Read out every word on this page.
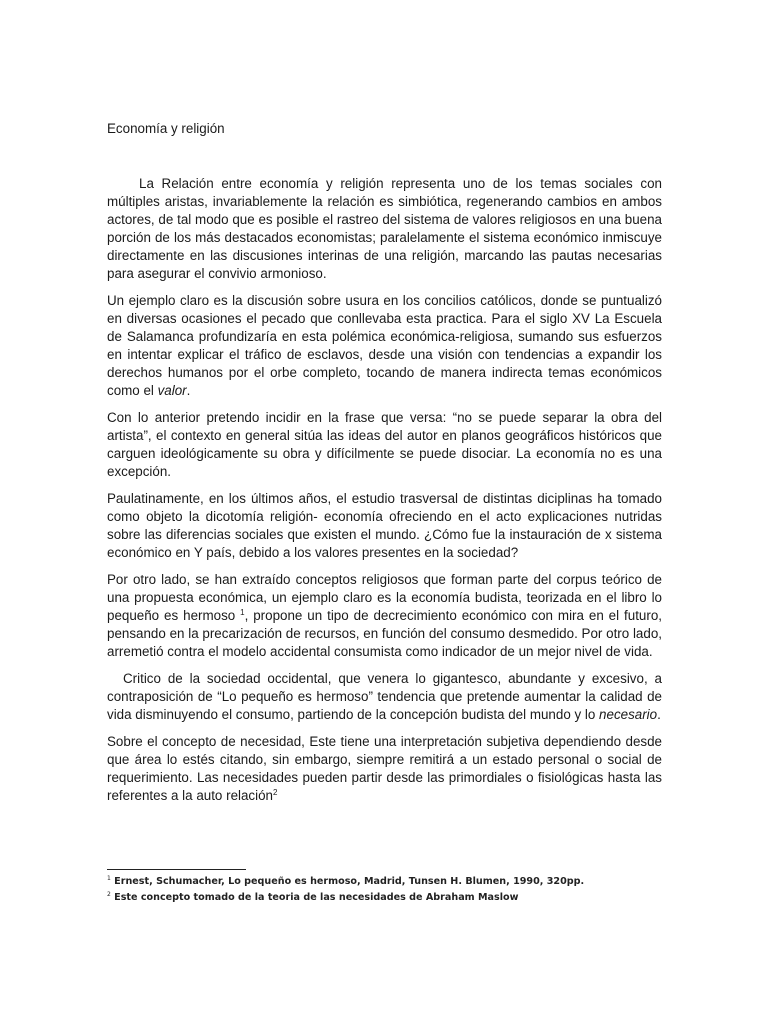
Economía y religión

La Relación entre economía y religión representa uno de los temas sociales con múltiples aristas, invariablemente la relación es simbiótica, regenerando cambios en ambos actores, de tal modo que es posible el rastreo del sistema de valores religiosos en una buena porción de los más destacados economistas; paralelamente el sistema económico inmiscuye directamente en las discusiones interinas de una religión, marcando las pautas necesarias para asegurar el convivio armonioso.

Un ejemplo claro es la discusión sobre usura en los concilios católicos, donde se puntualizó en diversas ocasiones el pecado que conllevaba esta practica. Para el siglo XV La Escuela de Salamanca profundizaría en esta polémica económica-religiosa, sumando sus esfuerzos en intentar explicar el tráfico de esclavos, desde una visión con tendencias a expandir los derechos humanos por el orbe completo, tocando de manera indirecta temas económicos como el valor.

Con lo anterior pretendo incidir en la frase que versa: “no se puede separar la obra del artista”, el contexto en general sitúa las ideas del autor en planos geográficos históricos que carguen ideológicamente su obra y difícilmente se puede disociar. La economía no es una excepción.

Paulatinamente, en los últimos años, el estudio trasversal de distintas diciplinas ha tomado como objeto la dicotomía religión- economía ofreciendo en el acto explicaciones nutridas sobre las diferencias sociales que existen el mundo. ¿Cómo fue la instauración de x sistema económico en Y país, debido a los valores presentes en la sociedad?

Por otro lado, se han extraído conceptos religiosos que forman parte del corpus teórico de una propuesta económica, un ejemplo claro es la economía budista, teorizada en el libro lo pequeño es hermoso $^1$, propone un tipo de decrecimiento económico con mira en el futuro, pensando en la precarización de recursos, en función del consumo desmedido. Por otro lado, arremetió contra el modelo accidental consumista como indicador de un mejor nivel de vida.

Critico de la sociedad occidental, que venera lo gigantesco, abundante y excesivo, a contraposición de “Lo pequeño es hermoso” tendencia que pretende aumentar la calidad de vida disminuyendo el consumo, partiendo de la concepción budista del mundo y lo necesario.

Sobre el concepto de necesidad, Este tiene una interpretación subjetiva dependiendo desde que área lo estés citando, sin embargo, siempre remitirá a un estado personal o social de requerimiento. Las necesidades pueden partir desde las primordiales o fisiológicas hasta las referentes a la auto relación$^2$

$^1$ Ernest, Schumacher, Lo pequeño es hermoso, Madrid, Tunsen H. Blumen, 1990, 320pp.
$^2$ Este concepto tomado de la teoria de las necesidades de Abraham Maslow
